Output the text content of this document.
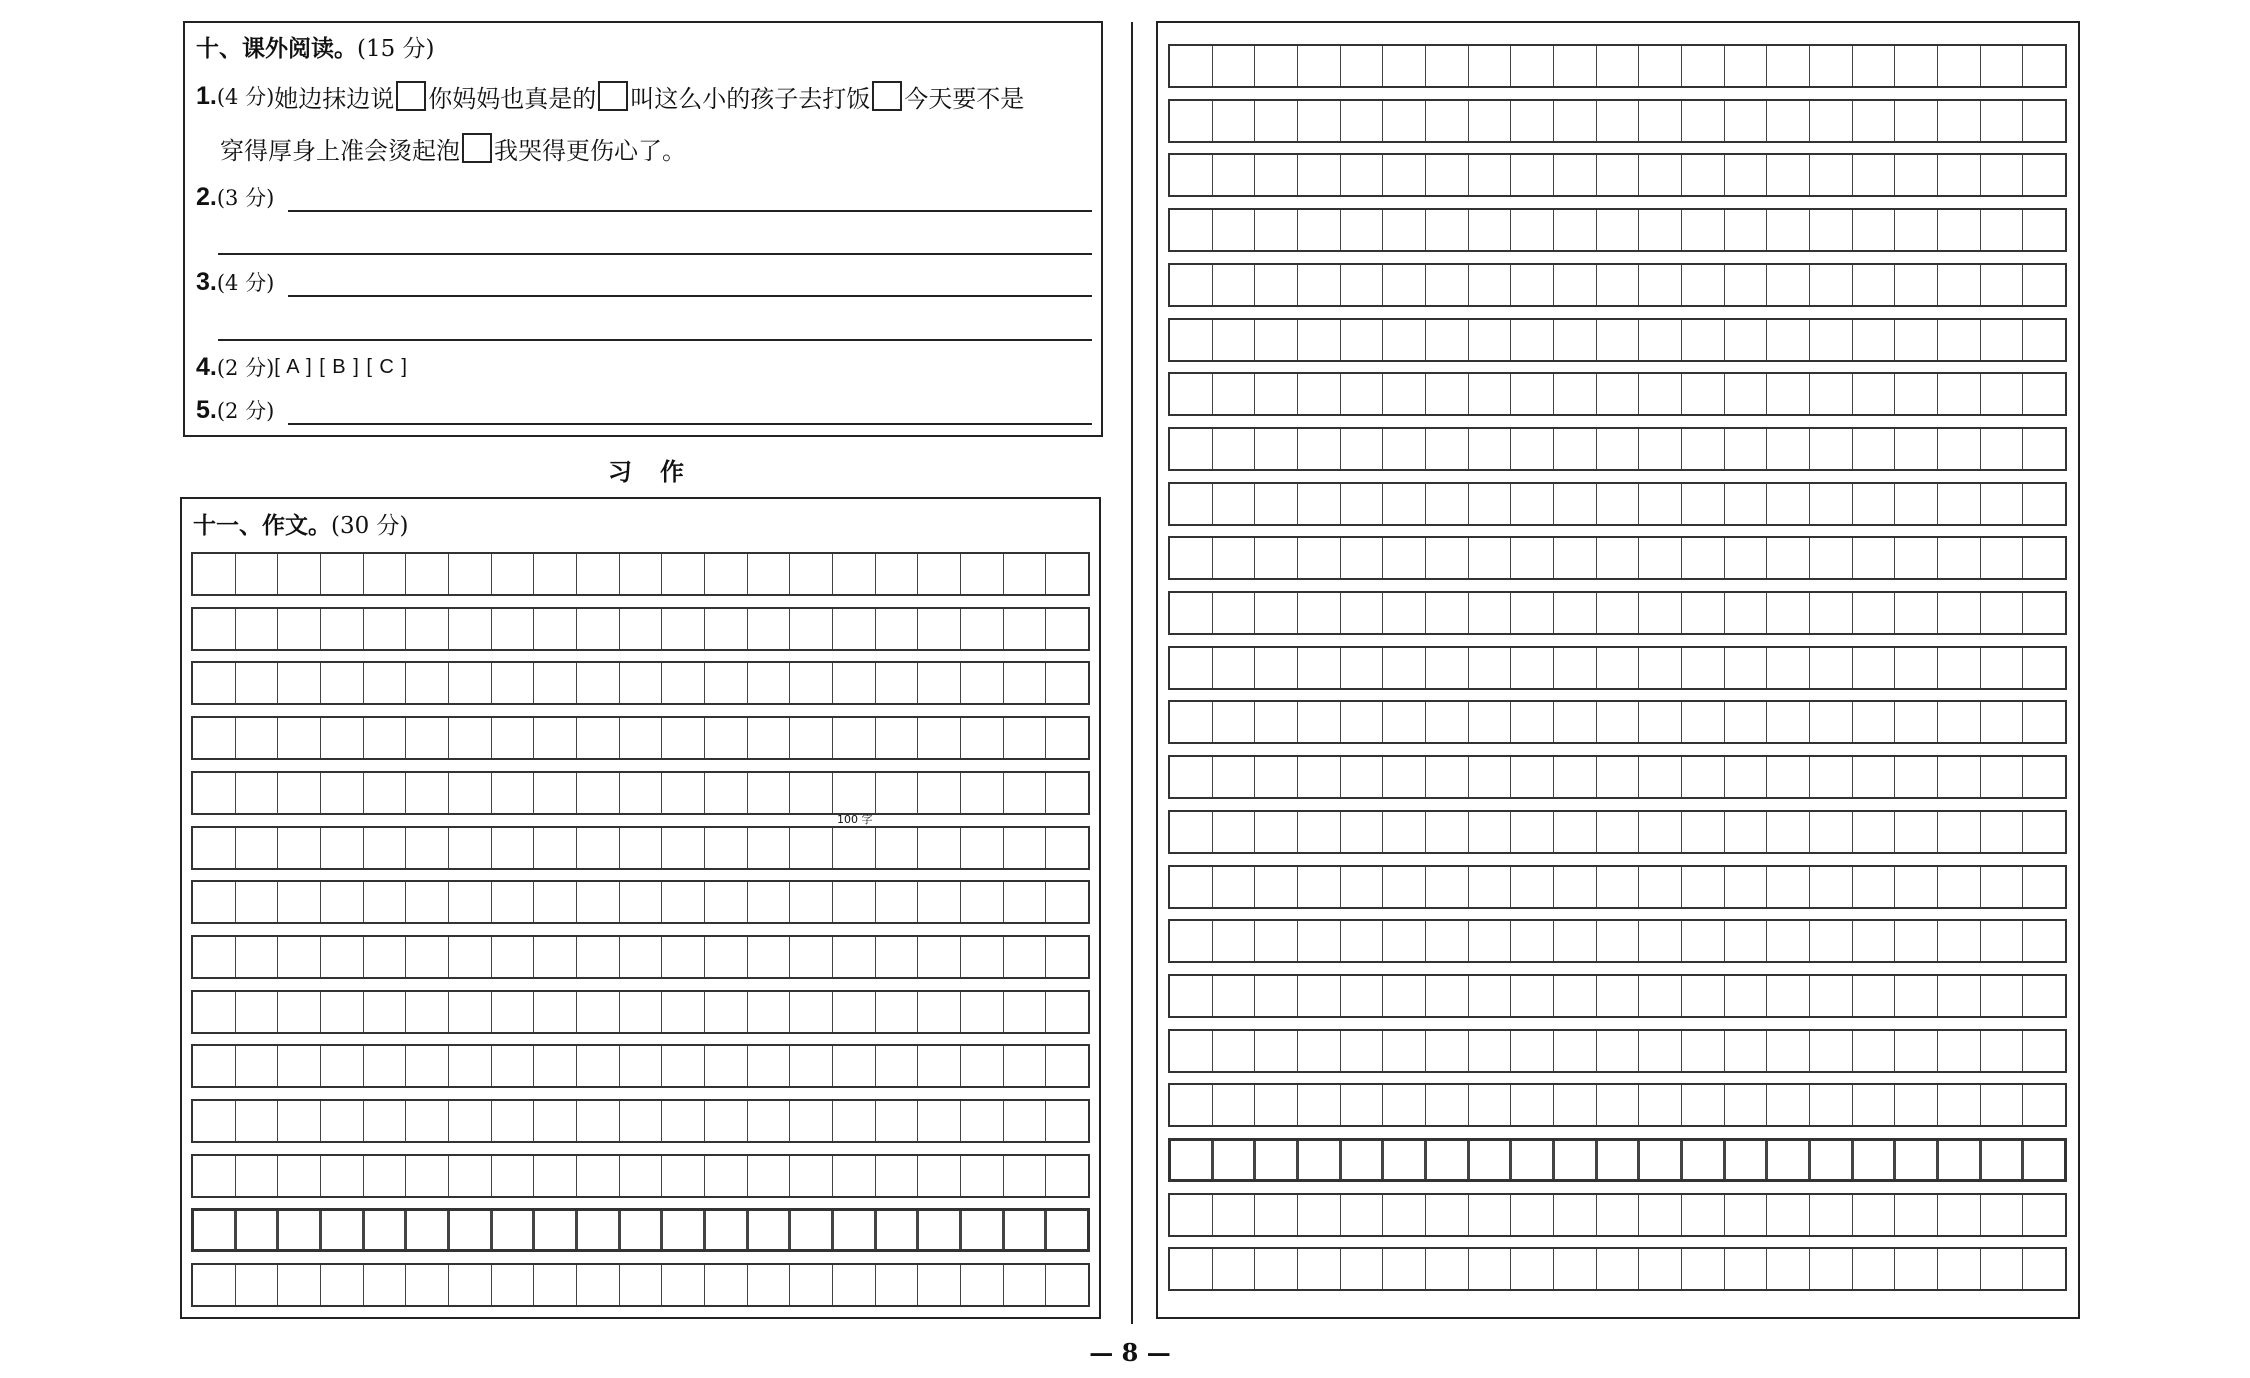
十、课外阅读。(15 分)
1. (4 分) 她边抹边说 你妈妈也真是的 叫这么小的孩子去打饭 今天要不是
穿得厚身上准会烫起泡 我哭得更伤心了。
2. (3 分)
3. (4 分)
4. (2 分) [ A ] [ B ] [ C ]
5. (2 分)
习作
十一、作文。(30 分)
100 字
— 8 —
